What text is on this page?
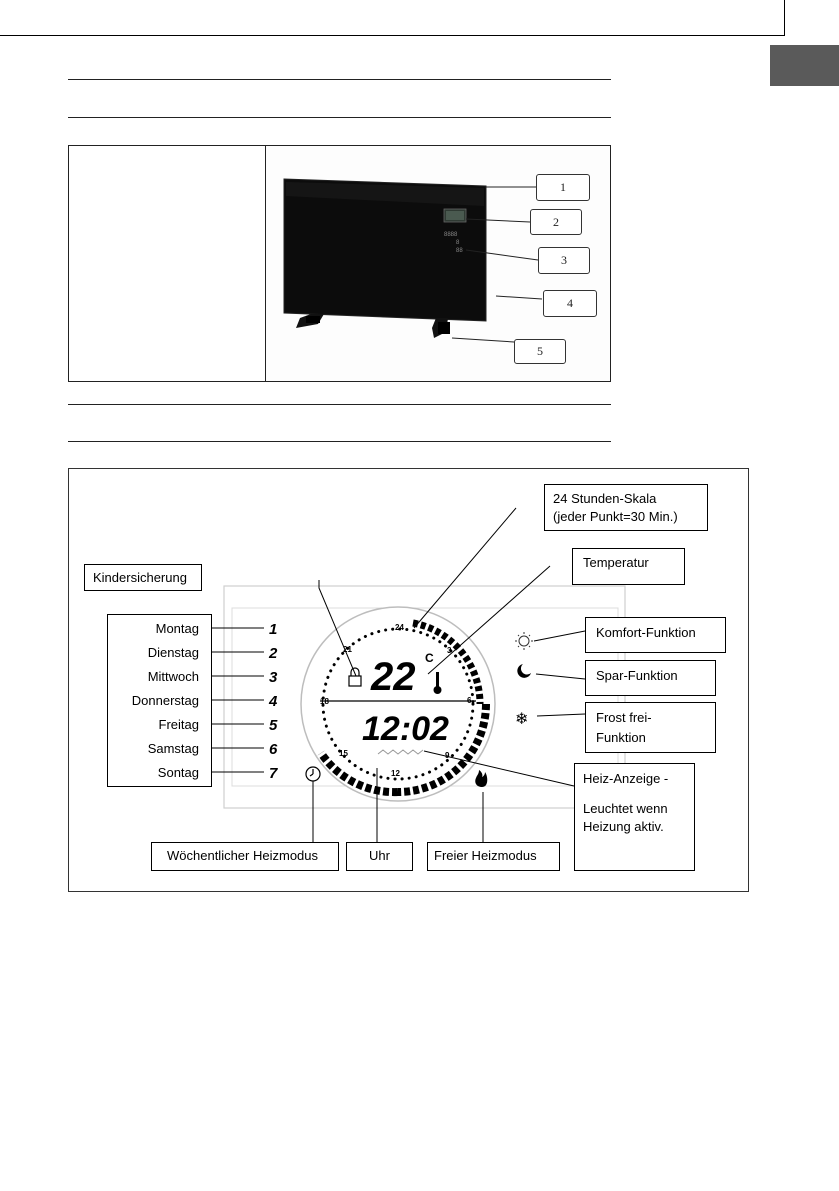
8888
8
88
1
2
3
4
5
24
3
6
9
12
15
18
21
22 C
12:02	❄
1
2
3
4
5
6
7
Montag
Dienstag
Mittwoch
Donnerstag
Freitag
Samstag
Sontag
24 Stunden-Skala
(jeder Punkt=30 Min.)
Temperatur
Kindersicherung
Komfort-Funktion
Spar-Funktion
Frost frei-
Funktion
Heiz-Anzeige -
Leuchtet wenn
Heizung aktiv.
Wöchentlicher Heizmodus	Uhr	Freier Heizmodus
